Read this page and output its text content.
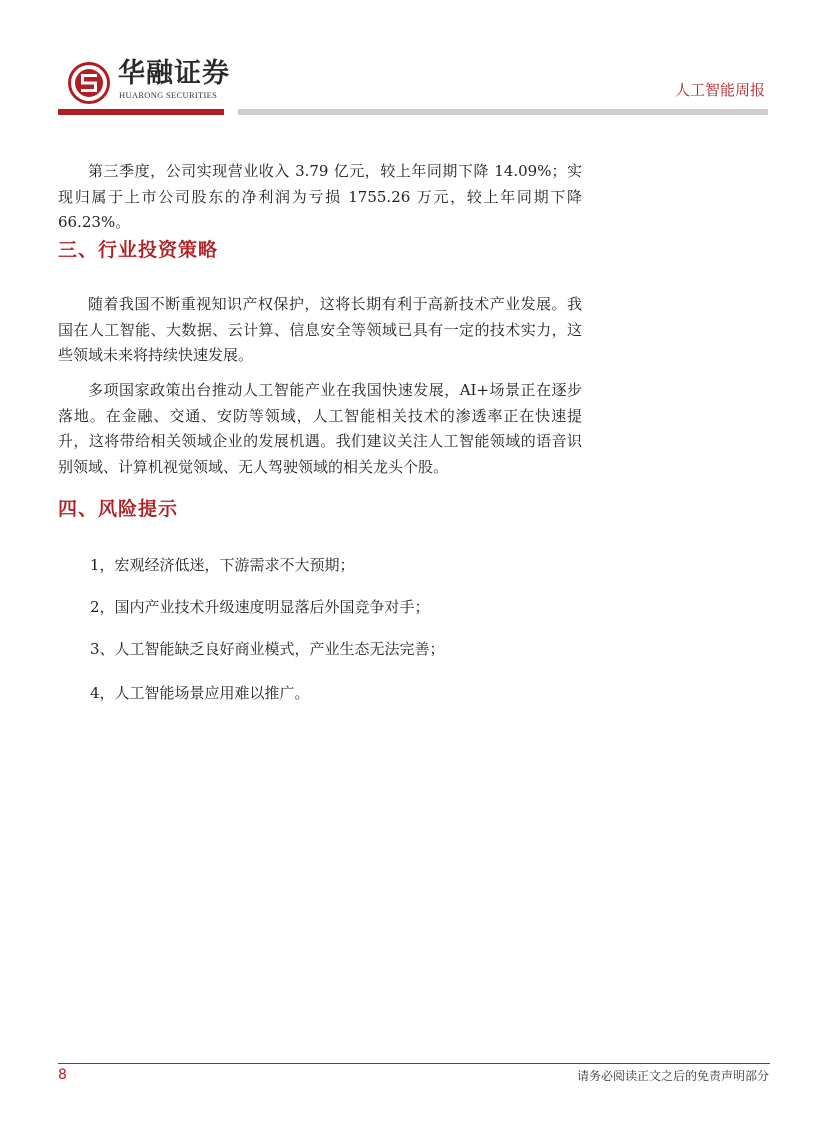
华融证券
HUARONG SECURITIES	人工智能周报

第三季度，公司实现营业收入 3.79 亿元，较上年同期下降 14.09%；实现归属于上市公司股东的净利润为亏损 1755.26 万元，较上年同期下降 66.23%。

三、行业投资策略

随着我国不断重视知识产权保护，这将长期有利于高新技术产业发展。我国在人工智能、大数据、云计算、信息安全等领域已具有一定的技术实力，这些领域未来将持续快速发展。

多项国家政策出台推动人工智能产业在我国快速发展，AI+场景正在逐步落地。在金融、交通、安防等领域，人工智能相关技术的渗透率正在快速提升，这将带给相关领域企业的发展机遇。我们建议关注人工智能领域的语音识别领域、计算机视觉领域、无人驾驶领域的相关龙头个股。

四、风险提示
1，宏观经济低迷，下游需求不大预期；
2，国内产业技术升级速度明显落后外国竞争对手；
3、人工智能缺乏良好商业模式，产业生态无法完善；
4，人工智能场景应用难以推广。
8	请务必阅读正文之后的免责声明部分
